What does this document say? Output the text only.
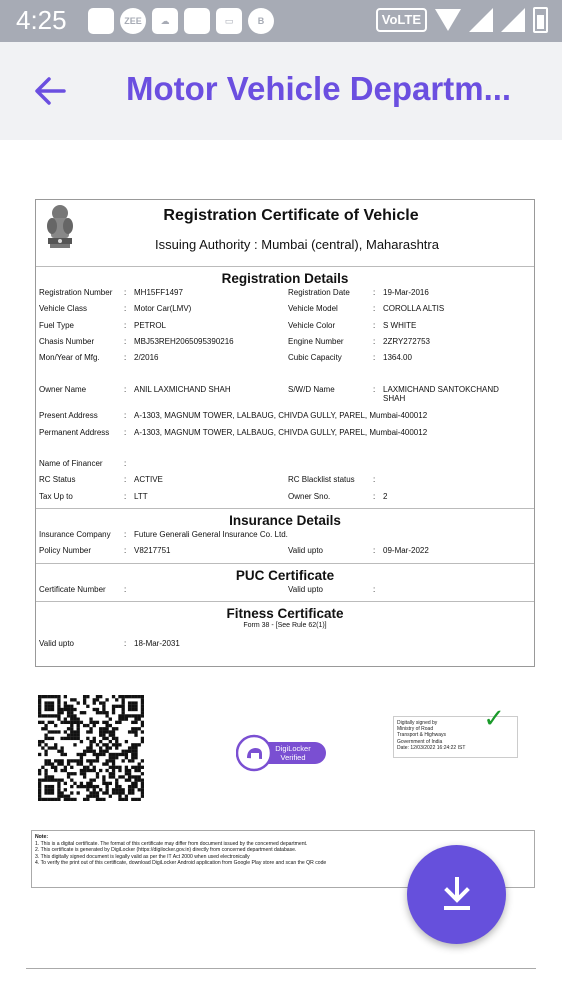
4:25	ZEE	☁	▭	B	VoLTE
Motor Vehicle Departm...
Registration Certificate of Vehicle
Issuing Authority : Mumbai (central), Maharashtra
Registration Details
Registration Number : MH15FF1497	Registration Date	: 19-Mar-2016
Vehicle Class	: Motor Car(LMV)	Vehicle Model	: COROLLA ALTIS
Fuel Type	: PETROL	Vehicle Color	: S WHITE
Chasis Number	: MBJ53REH2065095390216	Engine Number	: 2ZRY272753
Mon/Year of Mfg.	: 2/2016	Cubic Capacity	: 1364.00
Owner Name	: ANIL LAXMICHAND SHAH	S/W/D Name	: LAXMICHAND SANTOKCHAND
SHAH
Present Address	: A-1303, MAGNUM TOWER, LALBAUG, CHIVDA GULLY, PAREL, Mumbai-400012
Permanent Address : A-1303, MAGNUM TOWER, LALBAUG, CHIVDA GULLY, PAREL, Mumbai-400012
Name of Financer	:
RC Status	: ACTIVE	RC Blacklist status :
Tax Up to	: LTT	Owner Sno.	: 2
Insurance Details
Insurance Company : Future Generali General Insurance Co. Ltd.
Policy Number	: V8217751	Valid upto	: 09-Mar-2022
PUC Certificate
Certificate Number :	Valid upto	:
Fitness Certificate
Form 38 - [See Rule 62(1)]
Valid upto	: 18-Mar-2031
DigiLocker
Verified
Digitally signed by
Ministry of Road
Transport & Highways
Government of India
Date: 12/03/2022 16:24:22 IST
✓
Note:
1. This is a digital certificate. The format of this certificate may differ from document issued by the concerned department.
2. This certificate is generated by DigiLocker (https://digilocker.gov.in) directly from concerned department database.
3. This digitally signed document is legally valid as per the IT Act 2000 when used electronically
4. To verify the print out of this certificate, download DigiLocker Android application from Google Play store and scan the QR code
